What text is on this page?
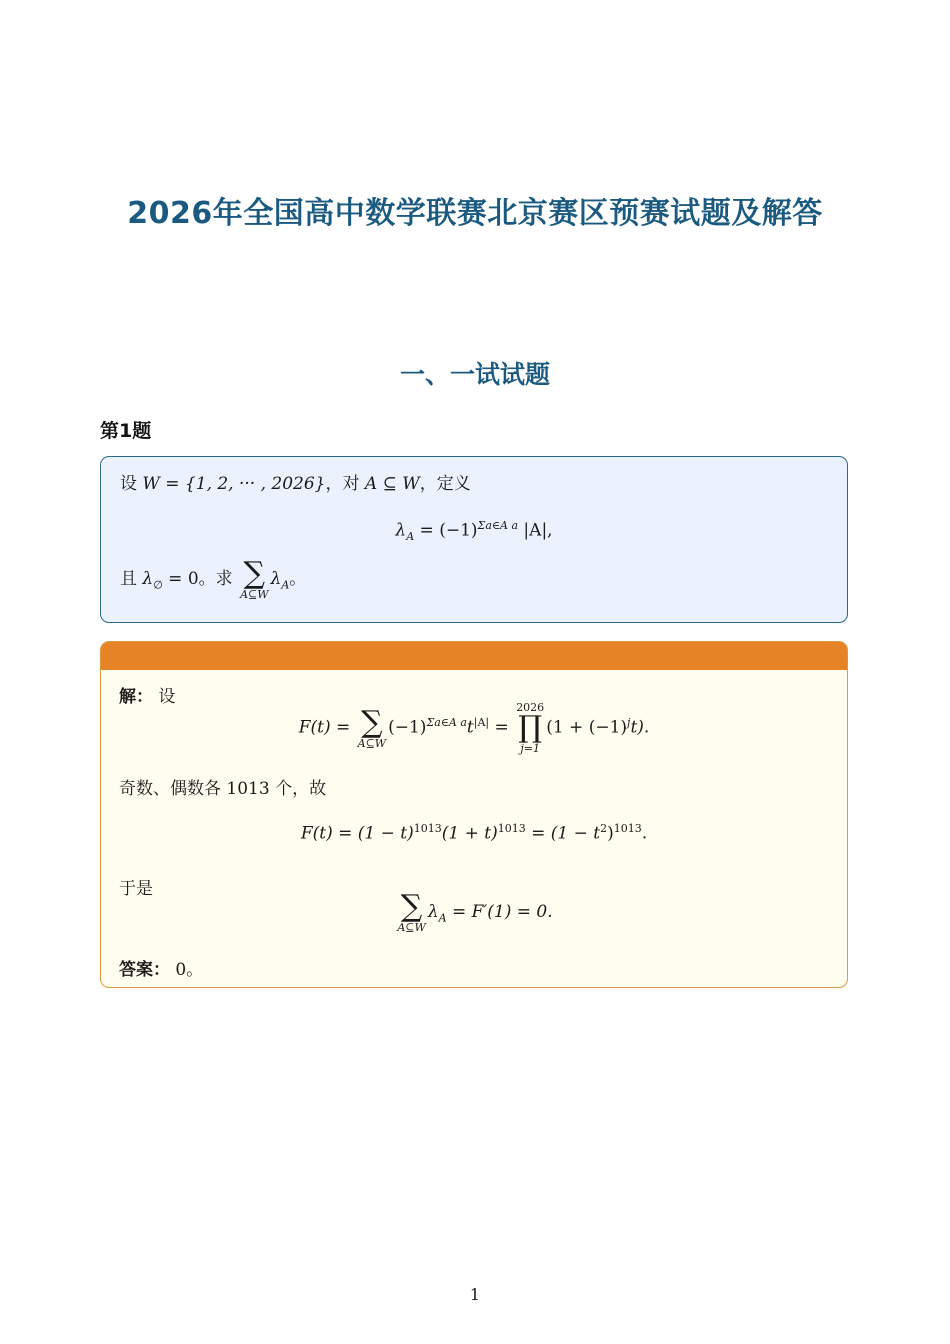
2026年全国高中数学联赛北京赛区预赛试题及解答
一、一试试题
第1题
设 W = {1, 2, ··· , 2026}，对 A ⊆ W，定义
$\lambda_A = (-1)^{\Sigma a\in A a}$ |A|,
且 $\lambda_\emptyset = 0$。求 ∑
A⊆W
$\lambda_A$。
解： 设
F(t) = ∑
A⊆W
$(-1)^{\Sigma a\in A a}t^{|A|}$ =
2026
∏
j=1
$(1 + (-1)^jt)$.
奇数、偶数各 1013 个，故
$F(t) = (1 - t)^{1013}(1 + t)^{1013} = (1 - t^2)^{1013}$.
于是	∑
A⊆W
$\lambda_A = F'(1) = 0$.
答案： 0。
1
